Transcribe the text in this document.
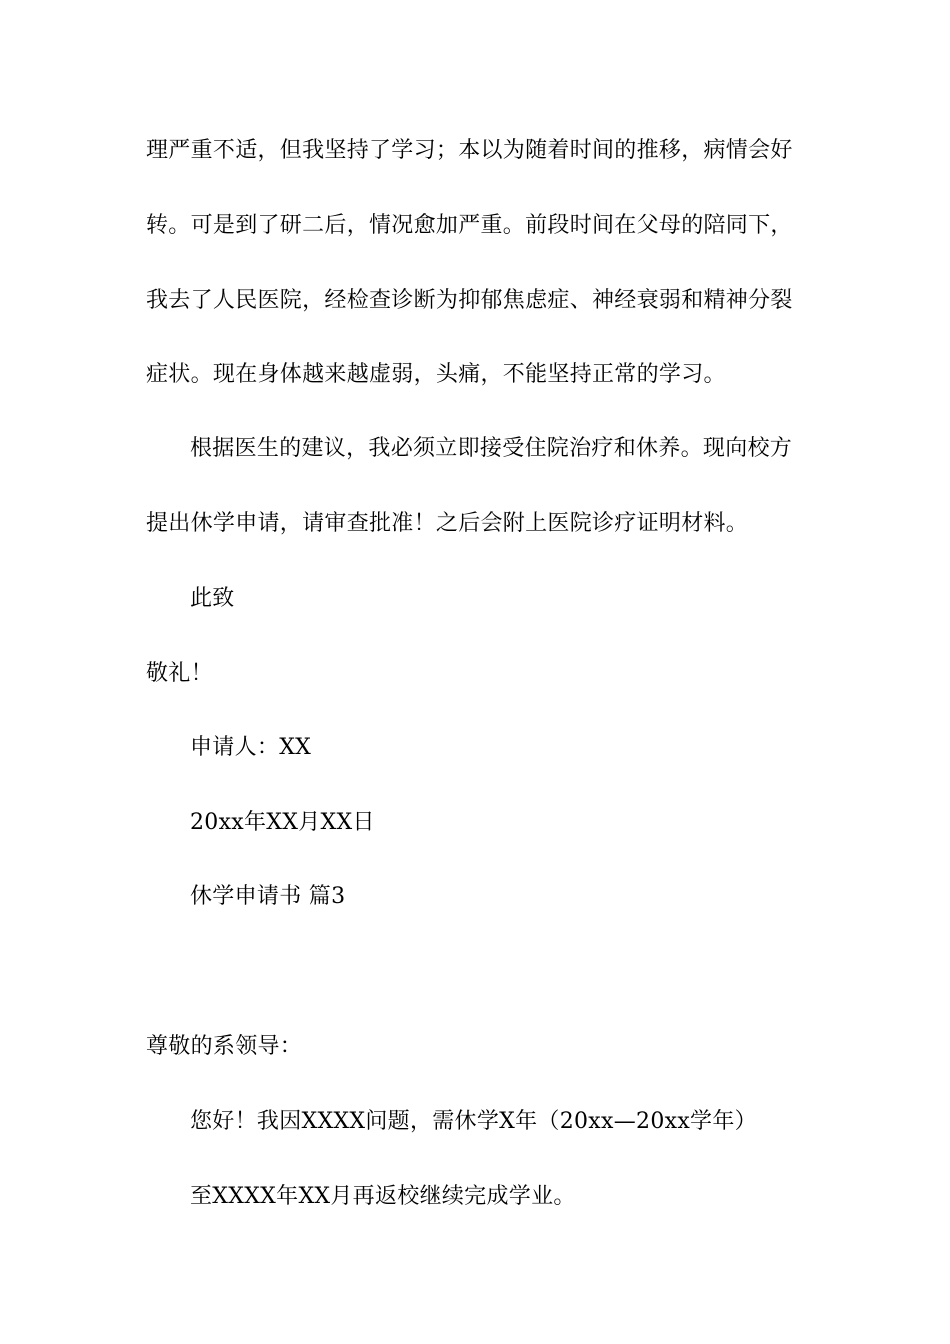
理严重不适，但我坚持了学习；本以为随着时间的推移，病情会好
转。可是到了研二后，情况愈加严重。前段时间在父母的陪同下，
我去了人民医院，经检查诊断为抑郁焦虑症、神经衰弱和精神分裂
症状。现在身体越来越虚弱，头痛，不能坚持正常的学习。
根据医生的建议，我必须立即接受住院治疗和休养。现向校方
提出休学申请，请审查批准！之后会附上医院诊疗证明材料。
此致
敬礼！
申请人：XX
20xx年XX月XX日
休学申请书 篇3
尊敬的系领导：
您好！我因XXXX问题，需休学X年（20xx—20xx学年）
至XXXX年XX月再返校继续完成学业。
